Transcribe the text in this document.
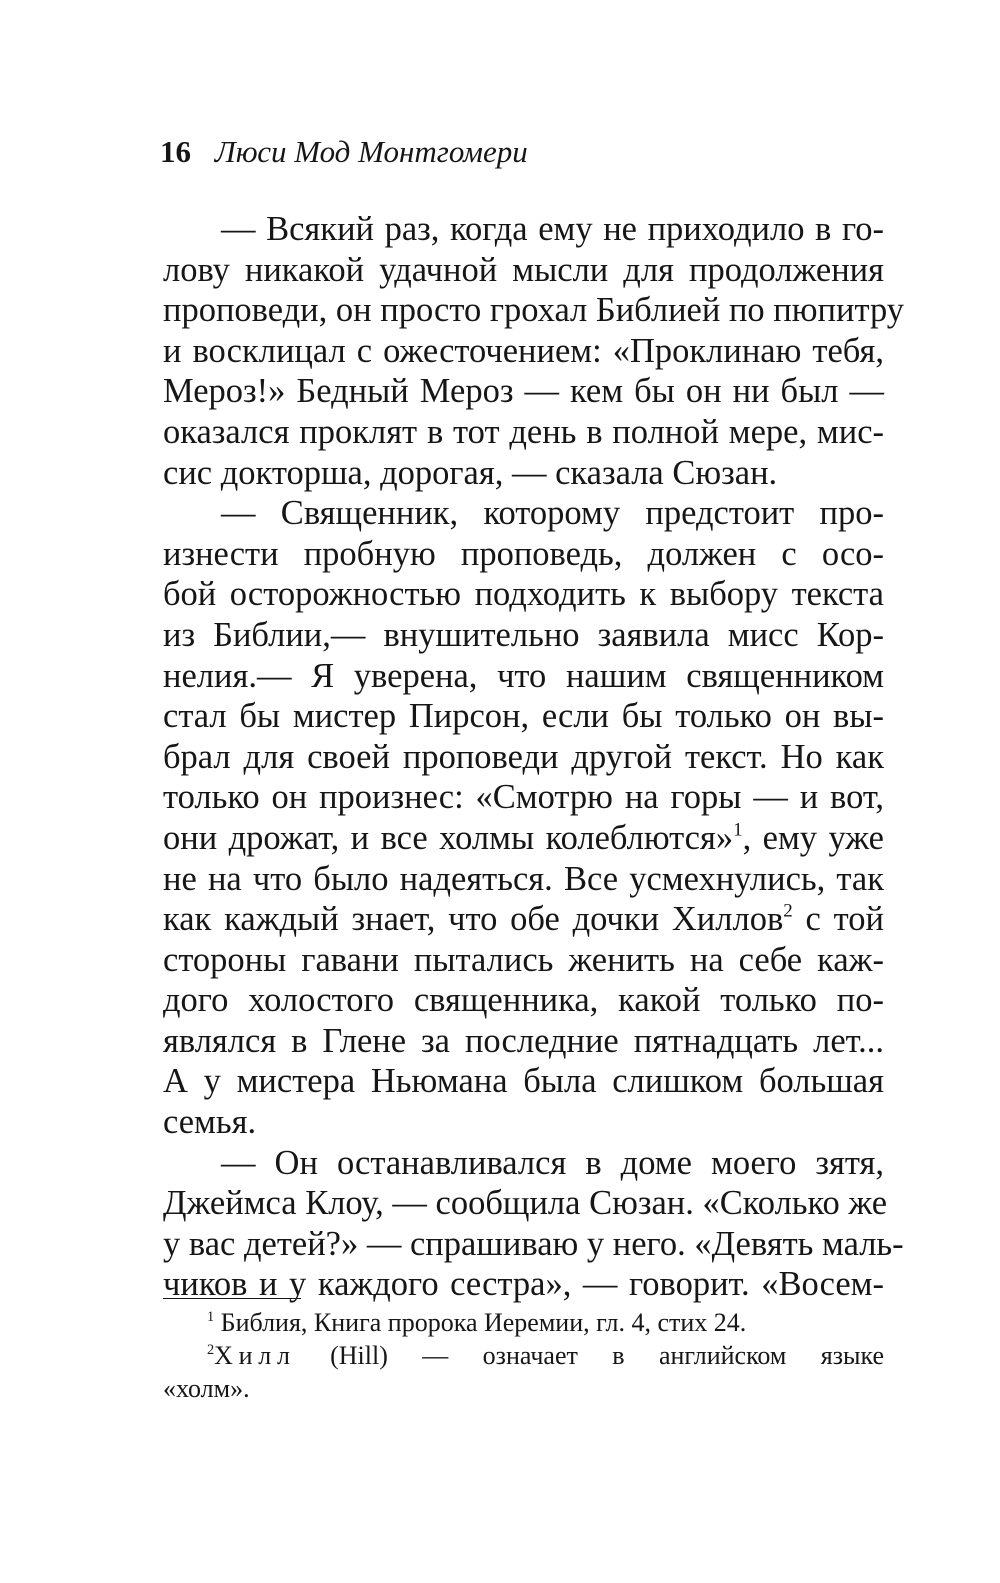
16 Люси Мод Монтгомери
— Всякий раз, когда ему не приходило в го-
лову никакой удачной мысли для продолжения
проповеди, он просто грохал Библией по пюпитру
и восклицал с ожесточением: «Проклинаю тебя,
Мероз!» Бедный Мероз — кем бы он ни был —
оказался проклят в тот день в полной мере, мис-
сис докторша, дорогая, — сказала Сюзан.
— Священник, которому предстоит про-
изнести пробную проповедь, должен с осо-
бой осторожностью подходить к выбору текста
из Библии,— внушительно заявила мисс Кор-
нелия.— Я уверена, что нашим священником
стал бы мистер Пирсон, если бы только он вы-
брал для своей проповеди другой текст. Но как
только он произнес: «Смотрю на горы — и вот,
они дрожат, и все холмы колеблются»$^1$, ему уже
не на что было надеяться. Все усмехнулись, так
как каждый знает, что обе дочки Хиллов$^2$ с той
стороны гавани пытались женить на себе каж-
дого холостого священника, какой только по-
являлся в Глене за последние пятнадцать лет...
А у мистера Ньюмана была слишком большая
семья.
— Он останавливался в доме моего зятя,
Джеймса Клоу, — сообщила Сюзан. «Сколько же
у вас детей?» — спрашиваю у него. «Девять маль-
чиков и у каждого сестра», — говорит. «Восем-
$^1$ Библия, Книга пророка Иеремии, гл. 4, стих 24.
$^2$Хилл (Hill) — означает в английском языке
«холм».
